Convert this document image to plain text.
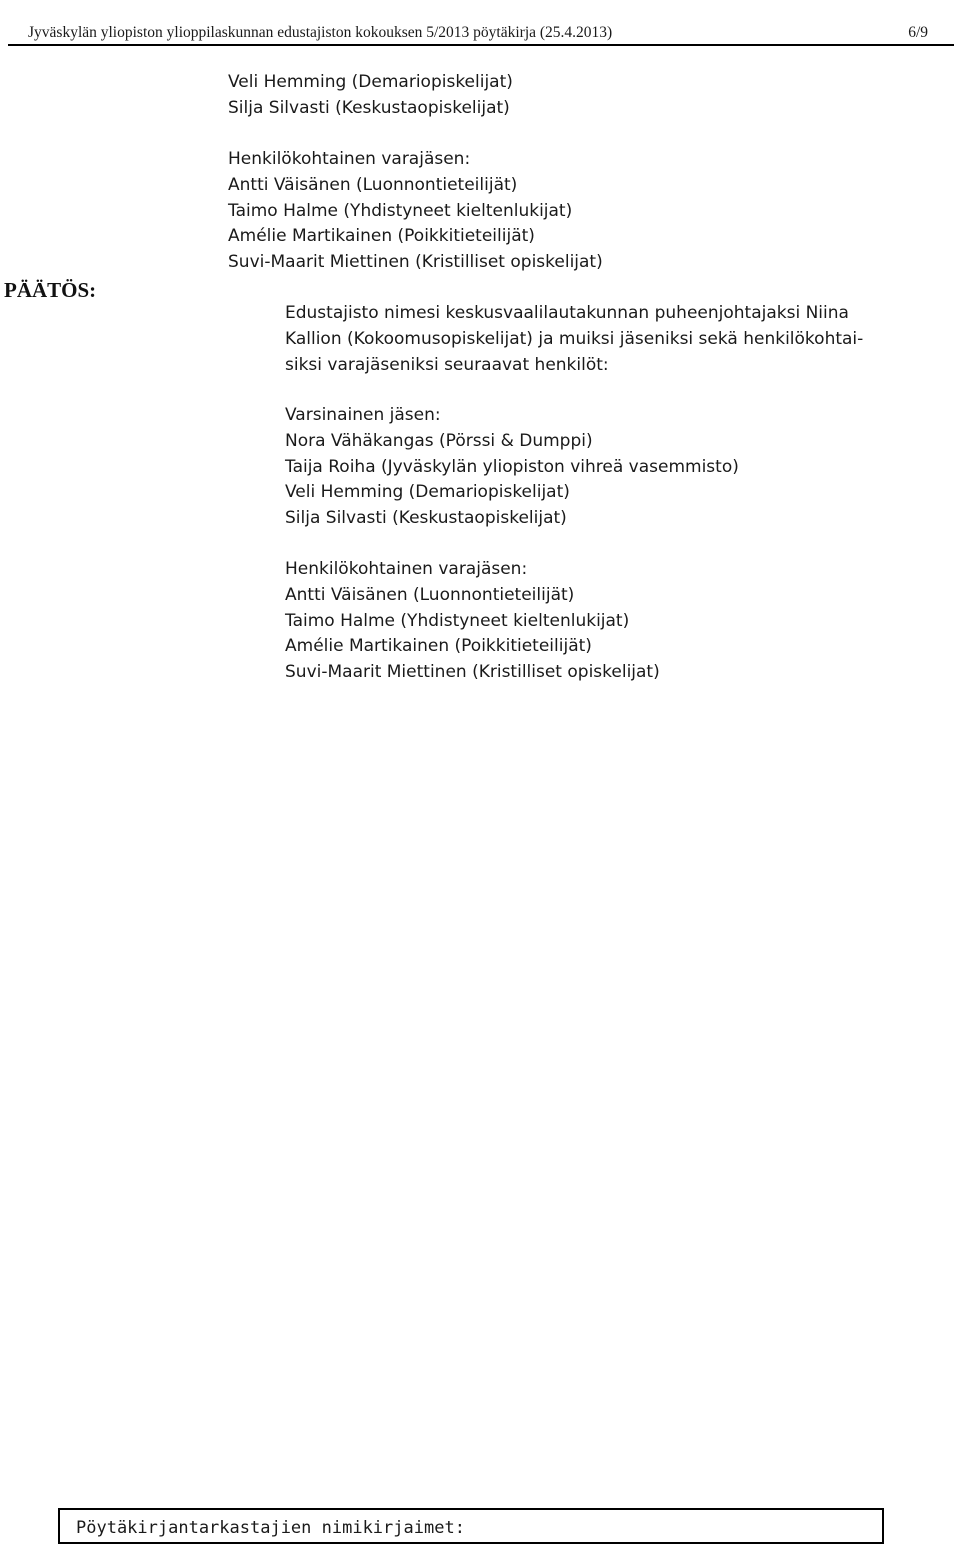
Jyväskylän yliopiston ylioppilaskunnan edustajiston kokouksen 5/2013 pöytäkirja (25.4.2013)	6/9
Veli Hemming (Demariopiskelijat)
Silja Silvasti (Keskustaopiskelijat)
Henkilökohtainen varajäsen:
Antti Väisänen (Luonnontieteilijät)
Taimo Halme (Yhdistyneet kieltenlukijat)
Amélie Martikainen (Poikkitieteilijät)
Suvi-Maarit Miettinen (Kristilliset opiskelijat)
PÄÄTÖS:
Edustajisto nimesi keskusvaalilautakunnan puheenjohtajaksi Niina
Kallion (Kokoomusopiskelijat) ja muiksi jäseniksi sekä henkilökohtai-
siksi varajäseniksi seuraavat henkilöt:
Varsinainen jäsen:
Nora Vähäkangas (Pörssi & Dumppi)
Taija Roiha (Jyväskylän yliopiston vihreä vasemmisto)
Veli Hemming (Demariopiskelijat)
Silja Silvasti (Keskustaopiskelijat)
Henkilökohtainen varajäsen:
Antti Väisänen (Luonnontieteilijät)
Taimo Halme (Yhdistyneet kieltenlukijat)
Amélie Martikainen (Poikkitieteilijät)
Suvi-Maarit Miettinen (Kristilliset opiskelijat)
Pöytäkirjantarkastajien nimikirjaimet:
